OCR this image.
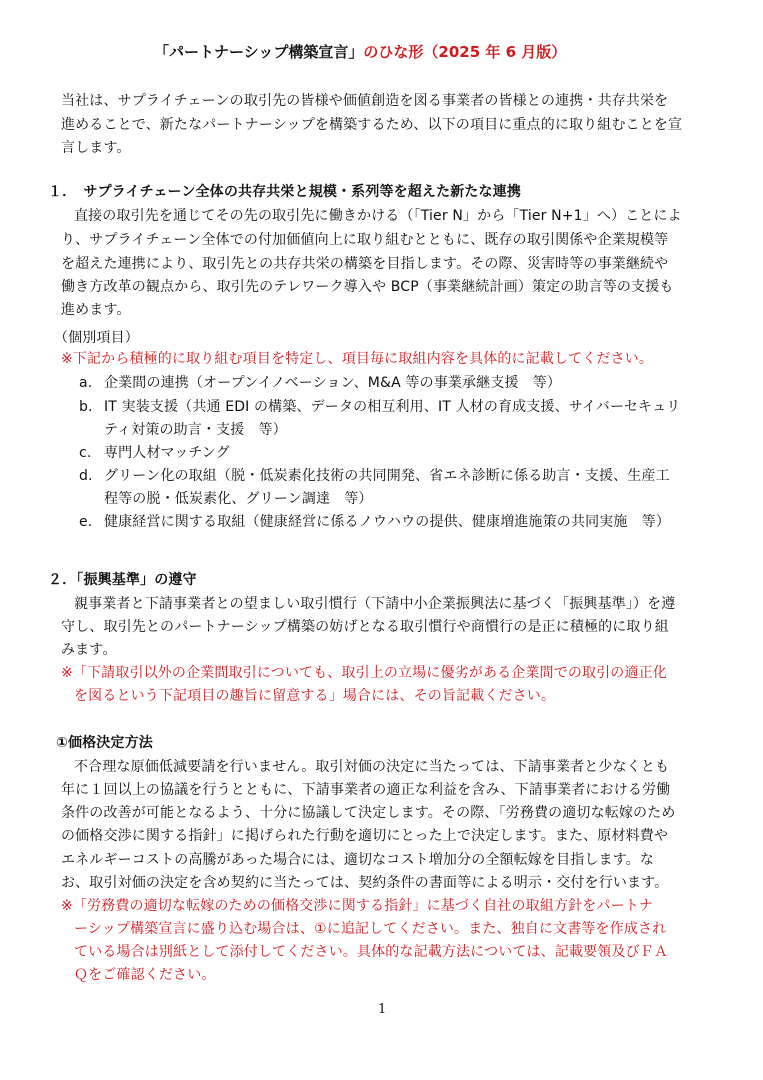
「パートナーシップ構築宣言」のひな形（2025 年 6 月版）
当社は、サプライチェーンの取引先の皆様や価値創造を図る事業者の皆様との連携・共存共栄を
進めることで、新たなパートナーシップを構築するため、以下の項目に重点的に取り組むことを宣
言します。
１．　サプライチェーン全体の共存共栄と規模・系列等を超えた新たな連携
直接の取引先を通じてその先の取引先に働きかける（「Tier N」から「Tier N+1」へ）ことによ
り、サプライチェーン全体での付加価値向上に取り組むとともに、既存の取引関係や企業規模等
を超えた連携により、取引先との共存共栄の構築を目指します。その際、災害時等の事業継続や
働き方改革の観点から、取引先のテレワーク導入や BCP（事業継続計画）策定の助言等の支援も
進めます。
（個別項目）
※下記から積極的に取り組む項目を特定し、項目毎に取組内容を具体的に記載してください。
a. 企業間の連携（オープンイノベーション、M&A 等の事業承継支援　等）
b. IT 実装支援（共通 EDI の構築、データの相互利用、IT 人材の育成支援、サイバーセキュリ
ティ対策の助言・支援　等）
c. 専門人材マッチング
d. グリーン化の取組（脱・低炭素化技術の共同開発、省エネ診断に係る助言・支援、生産工
程等の脱・低炭素化、グリーン調達　等）
e. 健康経営に関する取組（健康経営に係るノウハウの提供、健康増進施策の共同実施　等）
２．「振興基準」の遵守
親事業者と下請事業者との望ましい取引慣行（下請中小企業振興法に基づく「振興基準」）を遵
守し、取引先とのパートナーシップ構築の妨げとなる取引慣行や商慣行の是正に積極的に取り組
みます。
※「下請取引以外の企業間取引についても、取引上の立場に優劣がある企業間での取引の適正化
を図るという下記項目の趣旨に留意する」場合には、その旨記載ください。
①価格決定方法
不合理な原価低減要請を行いません。取引対価の決定に当たっては、下請事業者と少なくとも
年に１回以上の協議を行うとともに、下請事業者の適正な利益を含み、下請事業者における労働
条件の改善が可能となるよう、十分に協議して決定します。その際、「労務費の適切な転嫁のため
の価格交渉に関する指針」に掲げられた行動を適切にとった上で決定します。また、原材料費や
エネルギーコストの高騰があった場合には、適切なコスト増加分の全額転嫁を目指します。な
お、取引対価の決定を含め契約に当たっては、契約条件の書面等による明示・交付を行います。
※「労務費の適切な転嫁のための価格交渉に関する指針」に基づく自社の取組方針をパートナ
ーシップ構築宣言に盛り込む場合は、①に追記してください。また、独自に文書等を作成され
ている場合は別紙として添付してください。具体的な記載方法については、記載要領及びＦＡ
Ｑをご確認ください。
1
